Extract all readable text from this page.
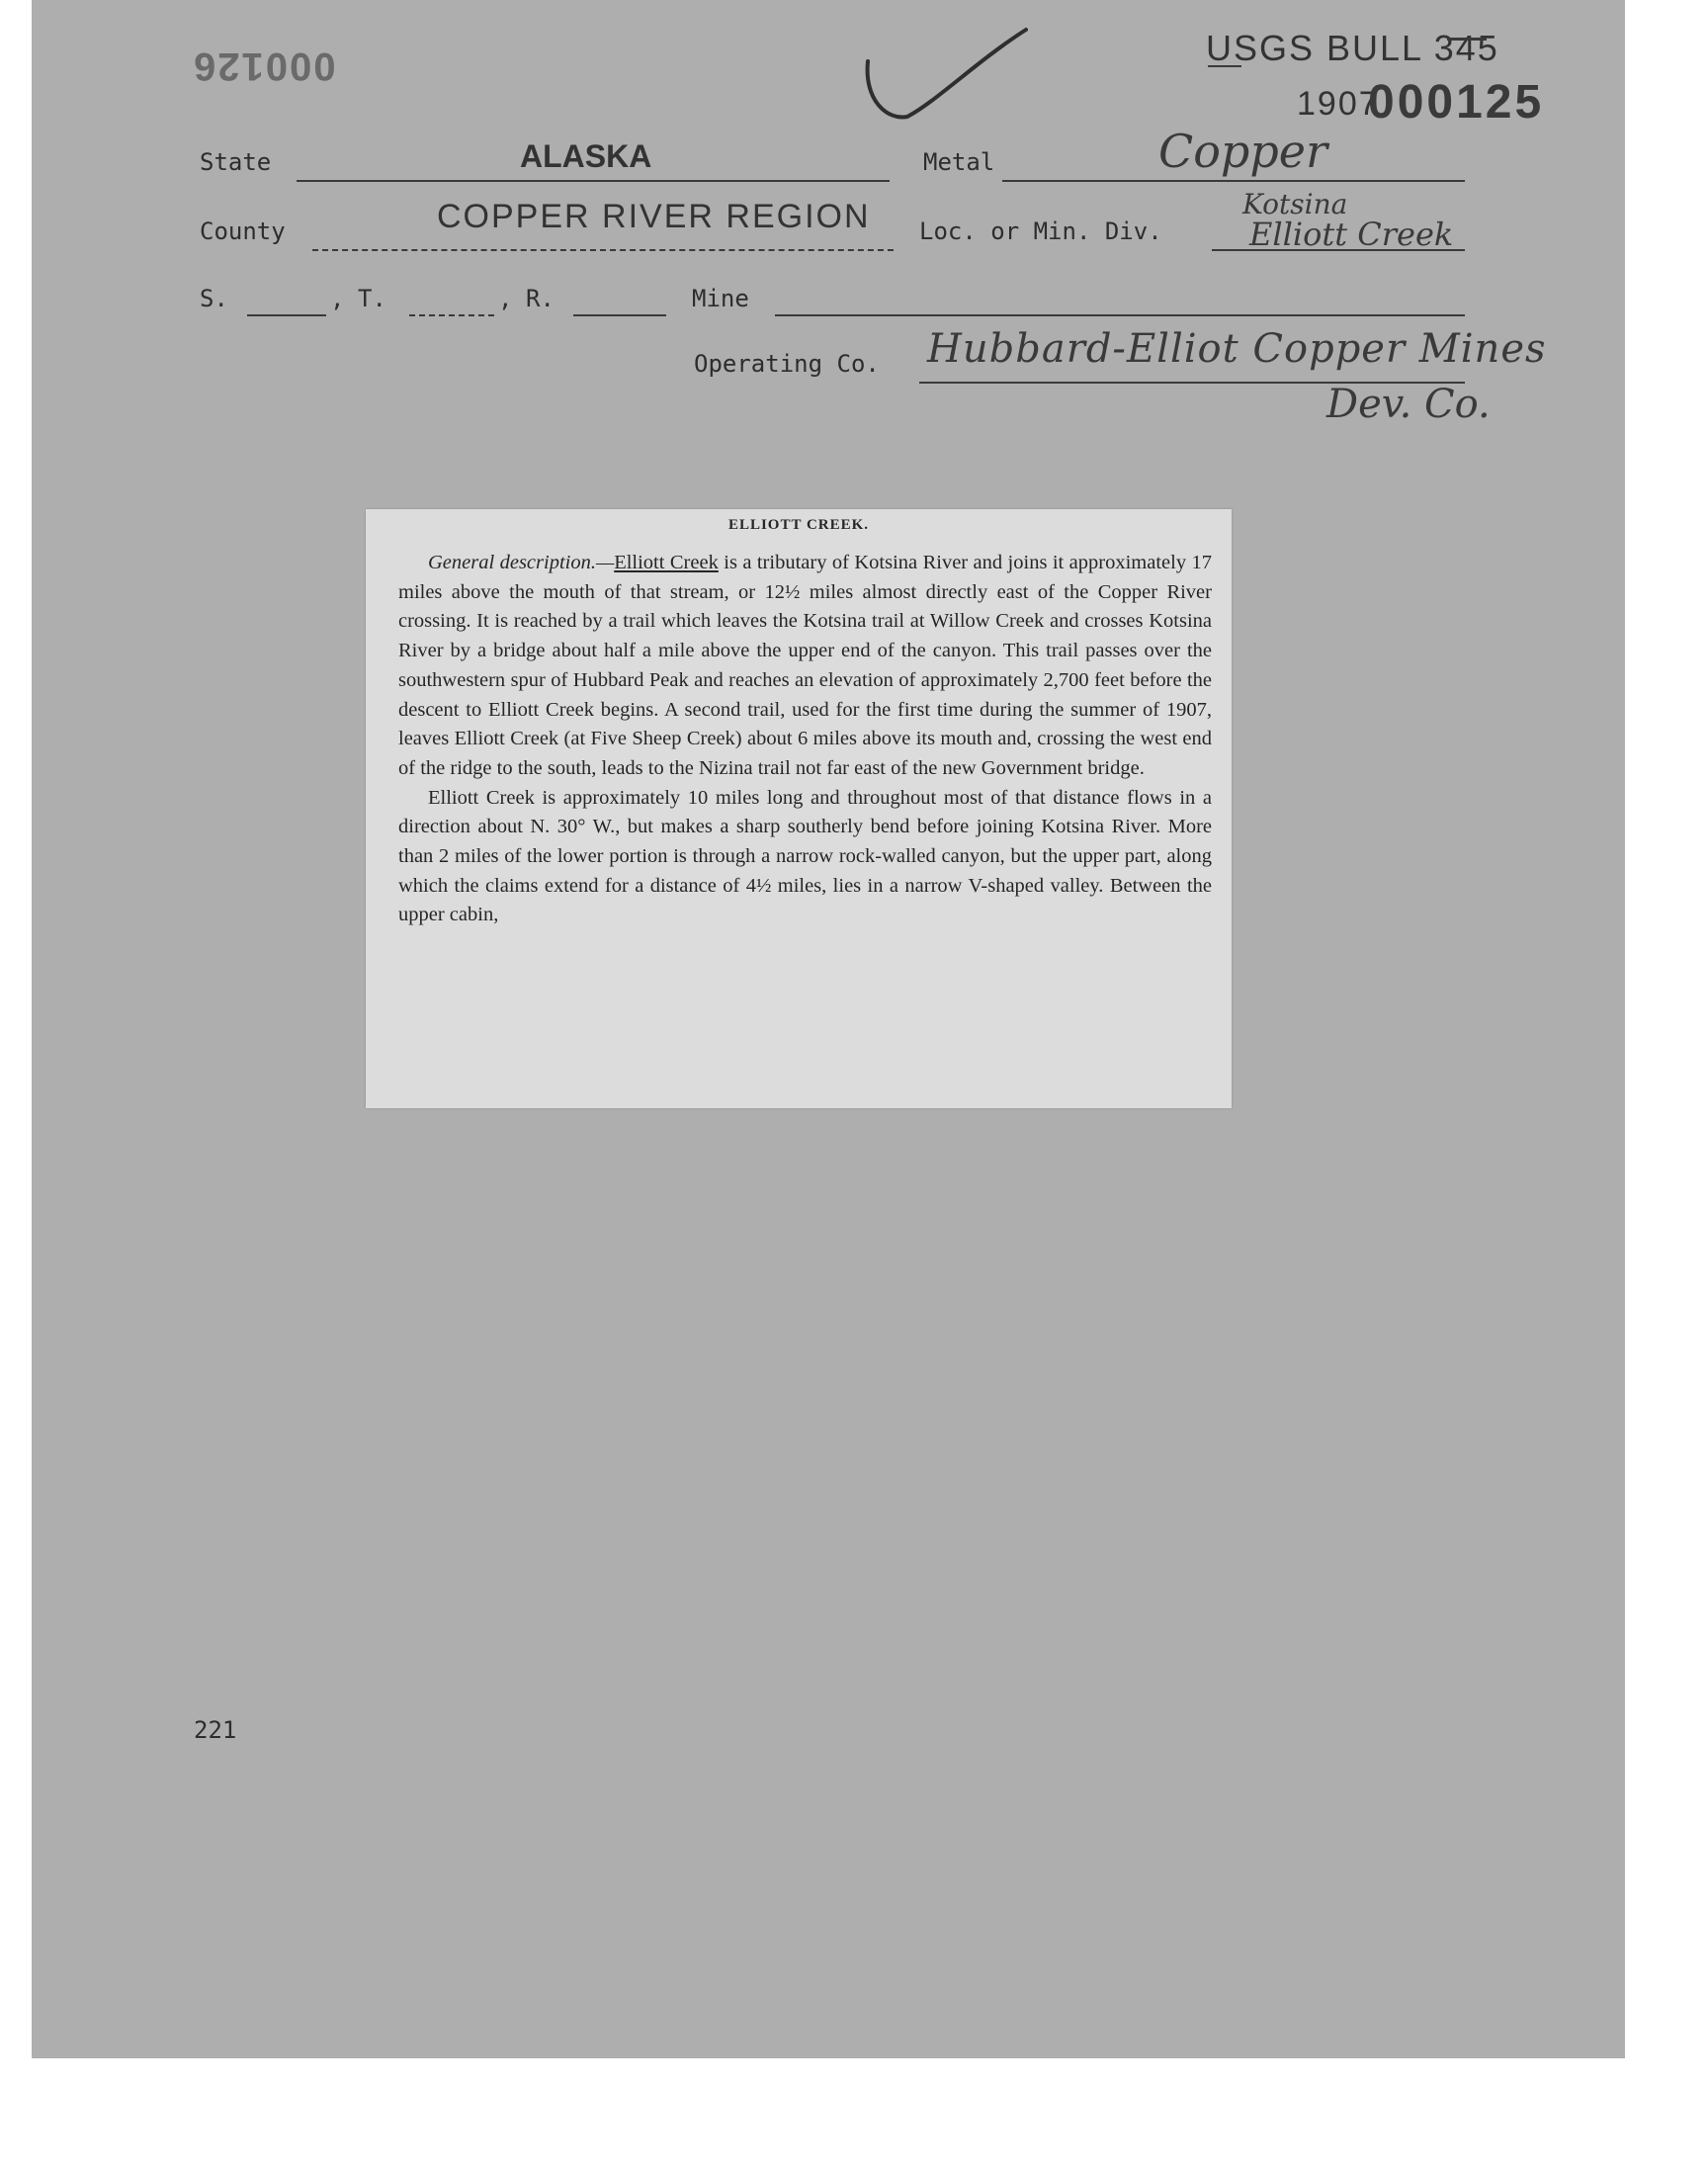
000126	USGS BULL 345
1907
000125
State	ALASKA	Metal	Copper
County	COPPER RIVER REGION	Loc. or Min. Div.
Kotsina
Elliott Creek
S.	, T.	, R.	Mine
Operating Co. Hubbard-Elliot Copper Mines
Dev. Co.
ELLIOTT CREEK.

General description.—Elliott Creek is a tributary of Kotsina River and joins it approximately 17 miles above the mouth of that stream, or 12½ miles almost directly east of the Copper River crossing. It is reached by a trail which leaves the Kotsina trail at Willow Creek and crosses Kotsina River by a bridge about half a mile above the upper end of the canyon. This trail passes over the southwestern spur of Hubbard Peak and reaches an elevation of approximately 2,700 feet before the descent to Elliott Creek begins. A second trail, used for the first time during the summer of 1907, leaves Elliott Creek (at Five Sheep Creek) about 6 miles above its mouth and, crossing the west end of the ridge to the south, leads to the Nizina trail not far east of the new Government bridge.

Elliott Creek is approximately 10 miles long and throughout most of that distance flows in a direction about N. 30° W., but makes a sharp southerly bend before joining Kotsina River. More than 2 miles of the lower portion is through a narrow rock-walled canyon, but the upper part, along which the claims extend for a distance of 4½ miles, lies in a narrow V-shaped valley. Between the upper cabin,

221
